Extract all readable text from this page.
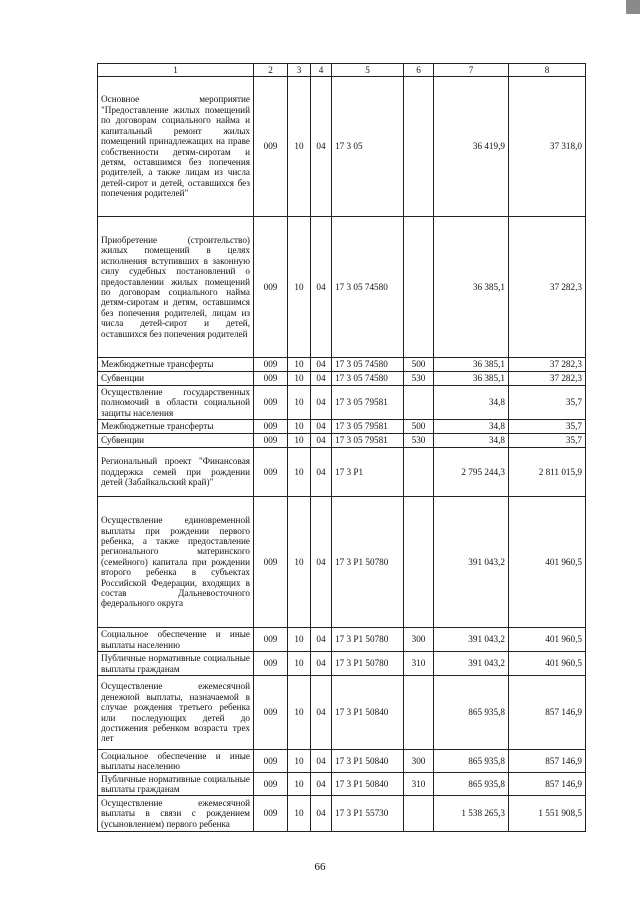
1	2	3	4	5	6	7	8
Основное мероприятие "Предоставление жилых помещений по договорам социального найма и капитальный ремонт жилых помещений принадлежащих на праве собственности детям-сиротам и детям, оставшимся без попечения родителей, а также лицам из числа детей-сирот и детей, оставшихся без попечения родителей"	009	10	04	17 3 05		36 419,9	37 318,0
Приобретение (строительство) жилых помещений в целях исполнения вступивших в законную силу судебных постановлений о предоставлении жилых помещений по договорам социального найма детям-сиротам и детям, оставшимся без попечения родителей, лицам из числа детей-сирот и детей, оставшихся без попечения родителей	009	10	04	17 3 05 74580		36 385,1	37 282,3
Межбюджетные трансферты	009	10	04	17 3 05 74580	500	36 385,1	37 282,3
Субвенции	009	10	04	17 3 05 74580	530	36 385,1	37 282,3
Осуществление государственных полномочий в области социальной защиты населения	009	10	04	17 3 05 79581		34,8	35,7
Межбюджетные трансферты	009	10	04	17 3 05 79581	500	34,8	35,7
Субвенции	009	10	04	17 3 05 79581	530	34,8	35,7
Региональный проект "Финансовая поддержка семей при рождении детей (Забайкальский край)"	009	10	04	17 3 P1		2 795 244,3	2 811 015,9
Осуществление единовременной выплаты при рождении первого ребенка, а также предоставление регионального материнского (семейного) капитала при рождении второго ребенка в субъектах Российской Федерации, входящих в состав Дальневосточного федерального округа	009	10	04	17 3 P1 50780		391 043,2	401 960,5
Социальное обеспечение и иные выплаты населению	009	10	04	17 3 P1 50780	300	391 043,2	401 960,5
Публичные нормативные социальные выплаты гражданам	009	10	04	17 3 P1 50780	310	391 043,2	401 960,5
Осуществление ежемесячной денежной выплаты, назначаемой в случае рождения третьего ребенка или последующих детей до достижения ребенком возраста трех лет	009	10	04	17 3 P1 50840		865 935,8	857 146,9
Социальное обеспечение и иные выплаты населению	009	10	04	17 3 P1 50840	300	865 935,8	857 146,9
Публичные нормативные социальные выплаты гражданам	009	10	04	17 3 P1 50840	310	865 935,8	857 146,9
Осуществление ежемесячной выплаты в связи с рождением (усыновлением) первого ребенка	009	10	04	17 3 P1 55730		1 538 265,3	1 551 908,5
66
